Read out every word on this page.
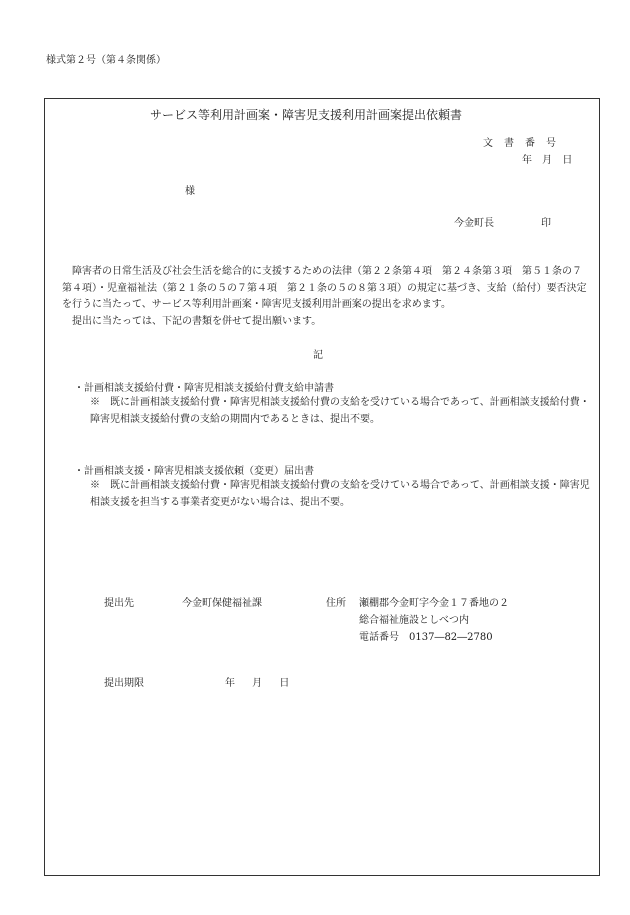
様式第２号（第４条関係）
サービス等利用計画案・障害児支援利用計画案提出依頼書
文書番号
年 月 日
様
今金町長	印
障害者の日常生活及び社会生活を総合的に支援するための法律（第２２条第４項　第２４条第３項　第５１条の７第４項）・児童福祉法（第２１条の５の７第４項　第２１条の５の８第３項）の規定に基づき、支給（給付）要否決定を行うに当たって、サービス等利用計画案・障害児支援利用計画案の提出を求めます。
提出に当たっては、下記の書類を併せて提出願います。
記
・計画相談支援給付費・障害児相談支援給付費支給申請書
※　既に計画相談支援給付費・障害児相談支援給付費の支給を受けている場合であって、計画相談支援給付費・障害児相談支援給付費の支給の期間内であるときは、提出不要。
・計画相談支援・障害児相談支援依頼（変更）届出書
※　既に計画相談支援給付費・障害児相談支援給付費の支給を受けている場合であって、計画相談支援・障害児相談支援を担当する事業者変更がない場合は、提出不要。
提出先	今金町保健福祉課	住所 瀬棚郡今金町字今金１７番地の２
総合福祉施設としべつ内
電話番号　0137―82―2780
提出期限	年 月 日
